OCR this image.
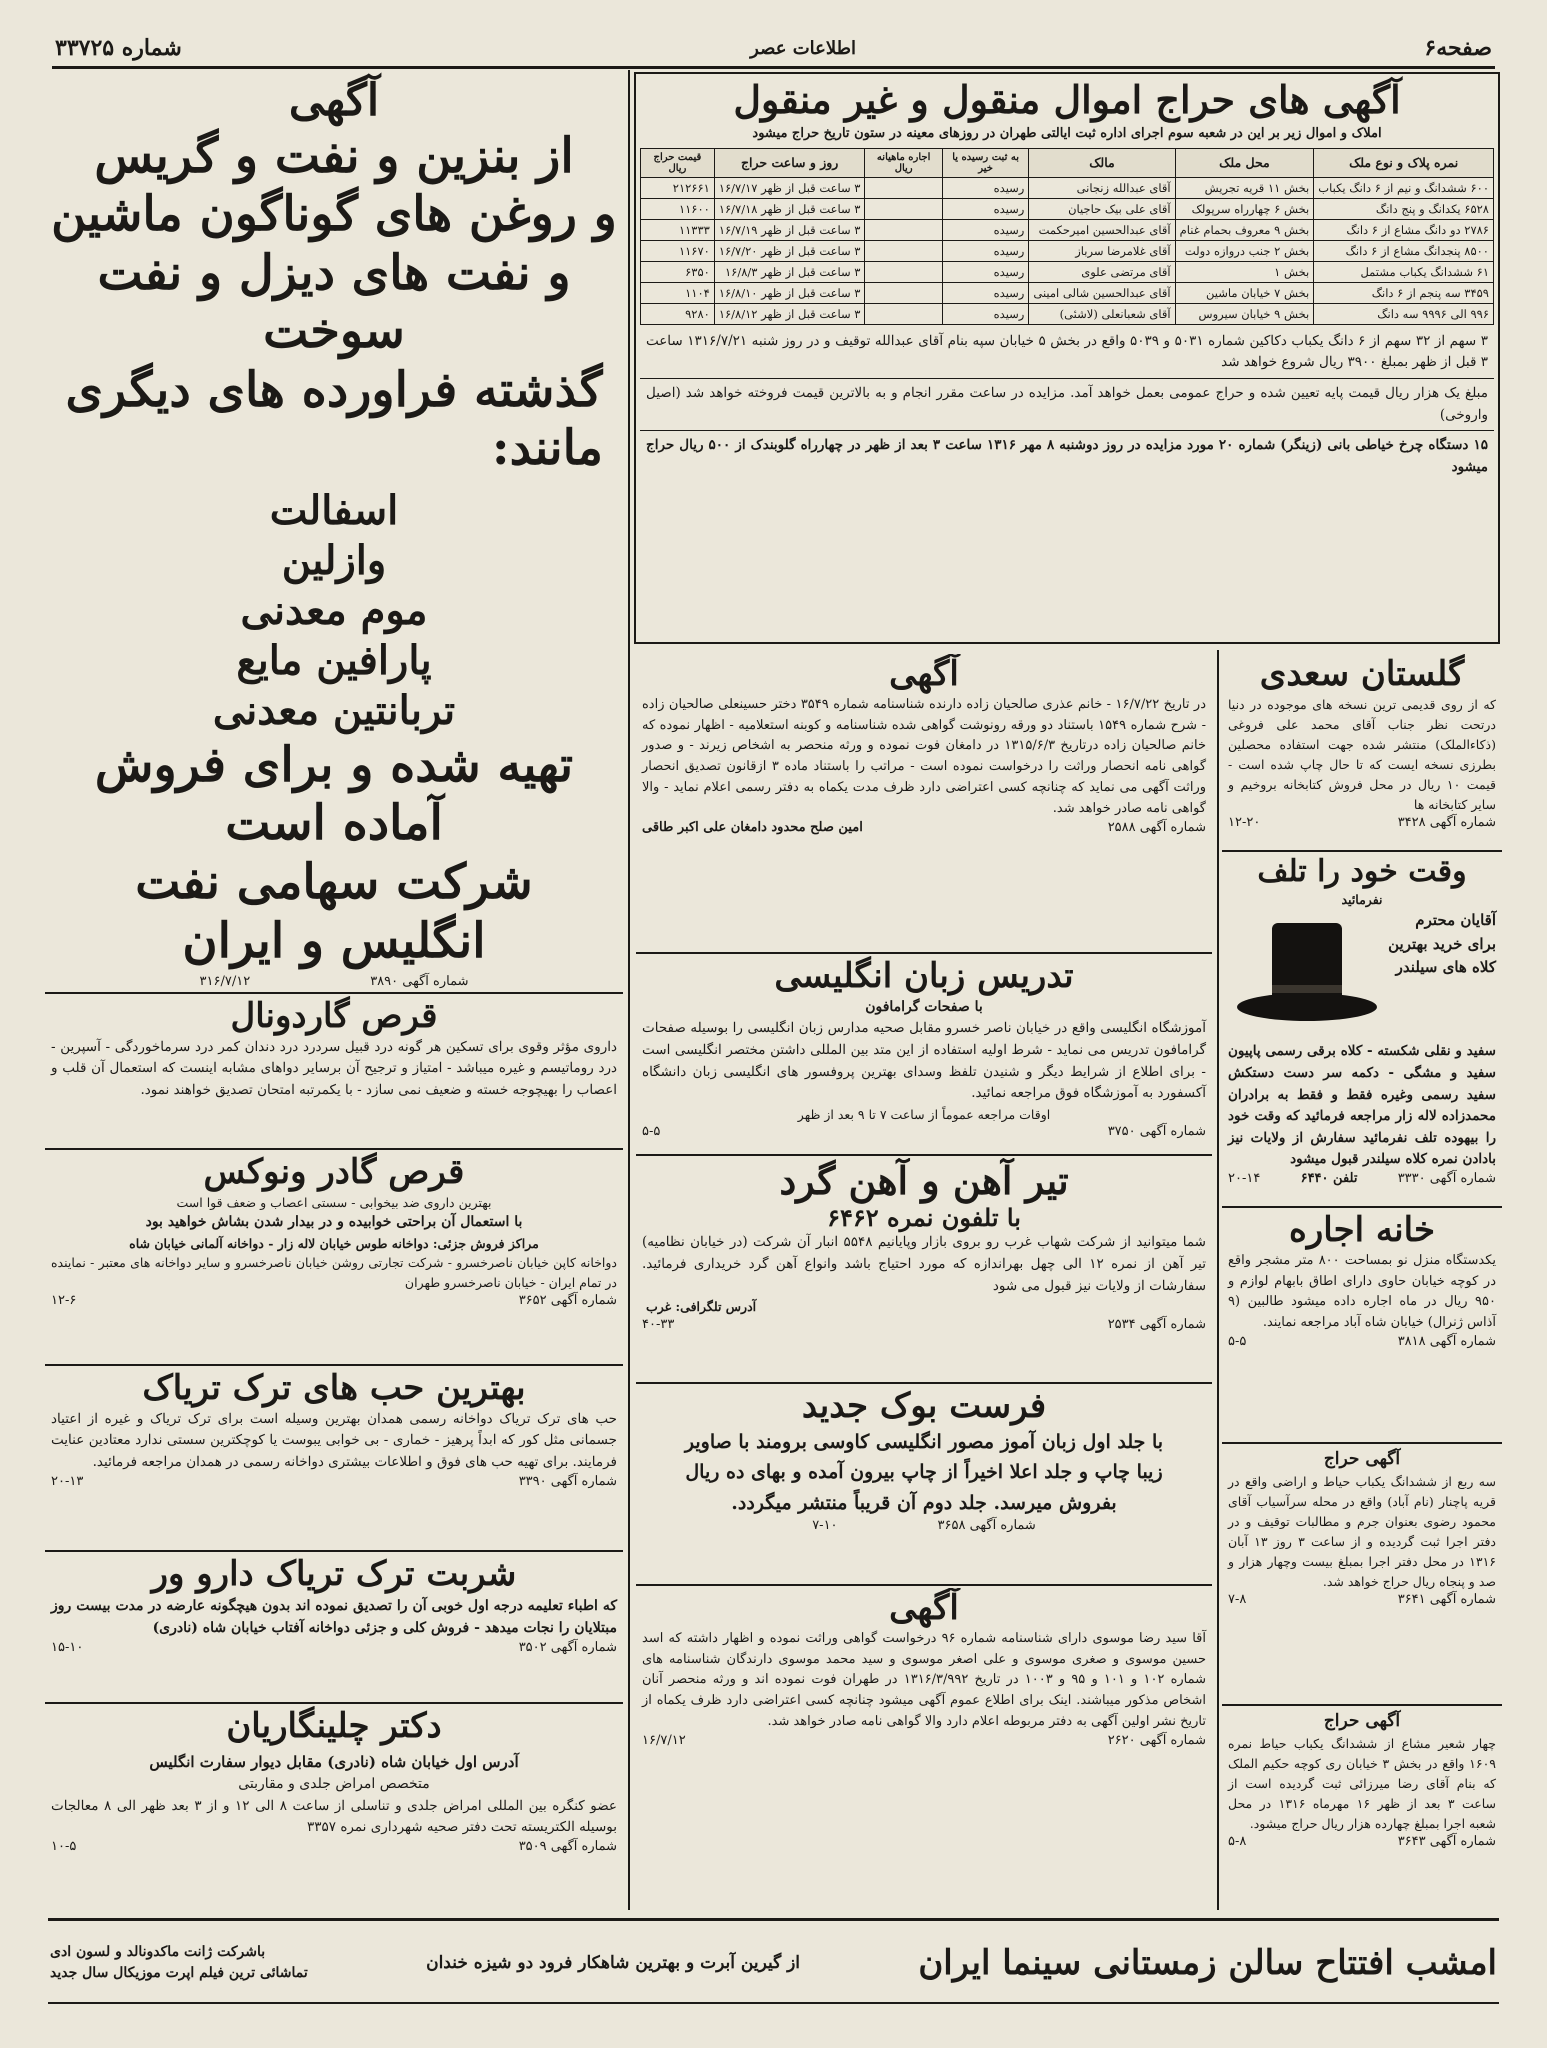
صفحه۶
اطلاعات عصر
شماره ۳۳۷۲۵
آگهی
از بنزین و نفت و گریس
و روغن های گوناگون ماشین
و نفت های دیزل و نفت سوخت
گذشته فراورده های دیگری
مانند:
اسفالت
وازلین
موم معدنی
پارافین مایع
تربانتین معدنی
تهیه شده و برای فروش
آماده است
شرکت سهامی نفت
انگلیس و ایران
شماره آگهی ۳۸۹۰
۳۱۶/۷/۱۲
قرص گاردونال
داروی مؤثر وقوی برای تسکین هر گونه درد قبیل سردرد درد دندان کمر درد سرماخوردگی - آسپرین - درد روماتیسم و غیره میباشد - امتیاز و ترجیح آن برسایر دواهای مشابه اینست که استعمال آن قلب و اعصاب را بهیچوجه خسته و ضعیف نمی سازد - با یکمرتبه امتحان تصدیق خواهند نمود.
قرص گادر ونوکس
بهترین داروی ضد بیخوابی - سستی اعصاب و ضعف قوا است
با استعمال آن براحتی خوابیده و در بیدار شدن بشاش خواهید بود
مراکز فروش جزئی: دواخانه طوس خیابان لاله زار - دواخانه آلمانی خیابان شاه
دواخانه کاپن خیابان ناصرخسرو - شرکت تجارتی روشن خیابان ناصرخسرو و سایر دواخانه های معتبر - نماینده در تمام ایران - خیابان ناصرخسرو طهران
شماره آگهی ۳۶۵۲
۱۲-۶
بهترین حب های ترک تریاک
حب های ترک تریاک دواخانه رسمی همدان بهترین وسیله است برای ترک تریاک و غیره از اعتیاد جسمانی مثل کور که ابداً پرهیز - خماری - بی خوابی یبوست یا کوچکترین سستی ندارد معتادین عنایت فرمایند. برای تهیه حب های فوق و اطلاعات بیشتری دواخانه رسمی در همدان مراجعه فرمائید.
شماره آگهی ۳۳۹۰
۲۰-۱۳
شربت ترک تریاک دارو ور
که اطباء تعلیمه درجه اول خوبی آن را تصدیق نموده اند بدون هیچگونه عارضه در مدت بیست روز مبتلایان را نجات میدهد - فروش کلی و جزئی دواخانه آفتاب خیابان شاه (نادری)
شماره آگهی ۳۵۰۲
۱۵-۱۰
دکتر چلینگاریان
آدرس اول خیابان شاه (نادری) مقابل دیوار سفارت انگلیس
متخصص امراض جلدی و مقاربتی
عضو کنگره بین المللی امراض جلدی و تناسلی از ساعت ۸ الی ۱۲ و از ۳ بعد ظهر الی ۸ معالجات بوسیله الکتریسته تحت دفتر صحیه شهرداری نمره ۳۳۵۷
شماره آگهی ۳۵۰۹
۱۰-۵
آگهی های حراج اموال منقول و غیر منقول
املاک و اموال زیر بر این در شعبه سوم اجرای اداره ثبت ایالتی طهران در روزهای معینه در ستون تاریخ حراج میشود
نمره پلاک و نوع ملک	محل ملک	مالک	به ثبت رسیده یا خیر	اجاره ماهیانه ریال	روز و ساعت حراج	قیمت حراج ریال
۶۰۰ ششدانگ و نیم از ۶ دانگ یکباب	بخش ۱۱ قریه تجریش	آقای عبدالله زنجانی	رسیده		۳ ساعت قبل از ظهر ۱۶/۷/۱۷	۲۱۲۶۶۱
۶۵۲۸ یکدانگ و پنج دانگ	بخش ۶ چهارراه سرپولک	آقای علی بیک حاجیان	رسیده		۳ ساعت قبل از ظهر ۱۶/۷/۱۸	۱۱۶۰۰
۲۷۸۶ دو دانگ مشاع از ۶ دانگ	بخش ۹ معروف بحمام غنام	آقای عبدالحسین امیرحکمت	رسیده		۳ ساعت قبل از ظهر ۱۶/۷/۱۹	۱۱۳۳۳
۸۵۰۰ پنجدانگ مشاع از ۶ دانگ	بخش ۲ جنب دروازه دولت	آقای غلامرضا سرباز	رسیده		۳ ساعت قبل از ظهر ۱۶/۷/۲۰	۱۱۶۷۰
۶۱ ششدانگ یکباب مشتمل	بخش ۱	آقای مرتضی علوی	رسیده		۳ ساعت قبل از ظهر ۱۶/۸/۳	۶۳۵۰
۳۴۵۹ سه پنجم از ۶ دانگ	بخش ۷ خیابان ماشین	آقای عبدالحسین شالی امینی	رسیده		۳ ساعت قبل از ظهر ۱۶/۸/۱۰	۱۱۰۴
۹۹۶ الی ۹۹۹۶ سه دانگ	بخش ۹ خیابان سیروس	آقای شعبانعلی (لاشئی)	رسیده		۳ ساعت قبل از ظهر ۱۶/۸/۱۲	۹۲۸۰
۳ سهم از ۳۲ سهم از ۶ دانگ یکباب دکاکین شماره ۵۰۳۱ و ۵۰۳۹ واقع در بخش ۵ خیابان سپه بنام آقای عبدالله توقیف و در روز شنبه ۱۳۱۶/۷/۲۱ ساعت ۳ قبل از ظهر بمبلغ ۳۹۰۰ ریال شروع خواهد شد
مبلغ یک هزار ریال قیمت پایه تعیین شده و حراج عمومی بعمل خواهد آمد. مزایده در ساعت مقرر انجام و به بالاترین قیمت فروخته خواهد شد (اصیل واروخی)
۱۵ دستگاه چرخ خیاطی بانی (زینگر) شماره ۲۰ مورد مزایده در روز دوشنبه ۸ مهر ۱۳۱۶ ساعت ۳ بعد از ظهر در چهارراه گلوبندک از ۵۰۰ ریال حراج میشود
آگهی
در تاریخ ۱۶/۷/۲۲ - خانم عذری صالحیان زاده دارنده شناسنامه شماره ۳۵۴۹ دختر حسینعلی صالحیان زاده - شرح شماره ۱۵۴۹ باستناد دو ورقه رونوشت گواهی شده شناسنامه و کوبنه استعلامیه - اظهار نموده که خانم صالحیان زاده درتاریخ ۱۳۱۵/۶/۳ در دامغان فوت نموده و ورثه منحصر به اشخاص زیرند - و صدور گواهی نامه انحصار وراثت را درخواست نموده است - مراتب را باستناد ماده ۳ ازقانون تصدیق انحصار وراثت آگهی می نماید که چنانچه کسی اعتراضی دارد ظرف مدت یکماه به دفتر رسمی اعلام نماید - والا گواهی نامه صادر خواهد شد.
شماره آگهی ۲۵۸۸
امین صلح محدود دامغان علی اکبر طاقی
تدریس زبان انگلیسی
با صفحات گرامافون
آموزشگاه انگلیسی واقع در خیابان ناصر خسرو مقابل صحیه مدارس زبان انگلیسی را بوسیله صفحات گرامافون تدریس می نماید - شرط اولیه استفاده از این متد بین المللی داشتن مختصر انگلیسی است - برای اطلاع از شرایط دیگر و شنیدن تلفظ وسدای بهترین پروفسور های انگلیسی زبان دانشگاه آکسفورد به آموزشگاه فوق مراجعه نمائید.
اوقات مراجعه عموماً از ساعت ۷ تا ۹ بعد از ظهر
شماره آگهی ۳۷۵۰
۵-۵
تیر آهن و آهن گرد
با تلفون نمره ۶۴۶۲
شما میتوانید از شرکت شهاب غرب رو بروی بازار وپایانیم ۵۵۴۸ انبار آن شرکت (در خیابان نظامیه) تیر آهن از نمره ۱۲ الی چهل بهراندازه که مورد احتیاج باشد وانواع آهن گرد خریداری فرمائید. سفارشات از ولایات نیز قبول می شود
آدرس تلگرافی: غرب
شماره آگهی ۲۵۳۴
۴۰-۳۳
فرست بوک جدید
با جلد اول زبان آموز مصور انگلیسی کاوسی برومند با صاویر
زیبا چاپ و جلد اعلا اخیراً از چاپ بیرون آمده و بهای ده ریال
بفروش میرسد. جلد دوم آن قریباً منتشر میگردد.
شماره آگهی ۳۶۵۸
۷-۱۰
آگهی
آقا سید رضا موسوی دارای شناسنامه شماره ۹۶ درخواست گواهی وراثت نموده و اظهار داشته که اسد حسین موسوی و صغری موسوی و علی اصغر موسوی و سید محمد موسوی دارندگان شناسنامه های شماره ۱۰۲ و ۱۰۱ و ۹۵ و ۱۰۰۳ در تاریخ ۱۳۱۶/۳/۹۹۲ در طهران فوت نموده اند و ورثه منحصر آنان اشخاص مذکور میباشند. اینک برای اطلاع عموم آگهی میشود چنانچه کسی اعتراضی دارد ظرف یکماه از تاریخ نشر اولین آگهی به دفتر مربوطه اعلام دارد والا گواهی نامه صادر خواهد شد.
شماره آگهی ۲۶۲۰
۱۶/۷/۱۲
گلستان سعدی
که از روی قدیمی ترین نسخه های موجوده در دنیا درتحت نظر جناب آقای محمد علی فروغی (ذکاءالملک) منتشر شده جهت استفاده محصلین بطرزی نسخه ایست که تا حال چاپ شده است - قیمت ۱۰ ریال در محل فروش کتابخانه بروخیم و سایر کتابخانه ها
شماره آگهی ۳۴۲۸
۱۲-۲۰
وقت خود را تلف
نفرمائید
آقایان محترم برای خرید بهترین کلاه های سیلندر
سفید و نقلی شکسته - کلاه برقی رسمی پاپیون سفید و مشگی - دکمه سر دست دستکش سفید رسمی وغیره فقط و فقط به برادران محمدزاده لاله زار مراجعه فرمائید که وقت خود را بیهوده تلف نفرمائید سفارش از ولایات نیز بادادن نمره کلاه سیلندر قبول میشود
شماره آگهی ۳۳۳۰
تلفن ۶۴۴۰
۲۰-۱۴
خانه اجاره
یکدستگاه منزل نو بمساحت ۸۰۰ متر مشجر واقع در کوچه خیابان حاوی دارای اطاق بابهام لوازم و ۹۵۰ ریال در ماه اجاره داده میشود طالبین (۹ آذاس ژنرال) خیابان شاه آباد مراجعه نمایند.
شماره آگهی ۳۸۱۸
۵-۵
آگهی حراج
سه ربع از ششدانگ یکباب حیاط و اراضی واقع در قریه پاچنار (نام آباد) واقع در محله سرآسیاب آقای محمود رضوی بعنوان جرم و مطالبات توقیف و در دفتر اجرا ثبت گردیده و از ساعت ۳ روز ۱۳ آبان ۱۳۱۶ در محل دفتر اجرا بمبلغ بیست وچهار هزار و صد و پنجاه ریال حراج خواهد شد.
شماره آگهی ۳۶۴۱
۷-۸
آگهی حراج
چهار شعیر مشاع از ششدانگ یکباب حیاط نمره ۱۶۰۹ واقع در بخش ۳ خیابان ری کوچه حکیم الملک که بنام آقای رضا میرزائی ثبت گردیده است از ساعت ۳ بعد از ظهر ۱۶ مهرماه ۱۳۱۶ در محل شعبه اجرا بمبلغ چهارده هزار ریال حراج میشود.
شماره آگهی ۳۶۴۳
۵-۸
امشب افتتاح سالن زمستانی سینما ایران
از گیرین آبرت و بهترین شاهکار فرود دو شیزه خندان
باشرکت ژانت ماکدونالد و لسون ادی
تماشائی ترین فیلم اپرت موزیکال سال جدید
